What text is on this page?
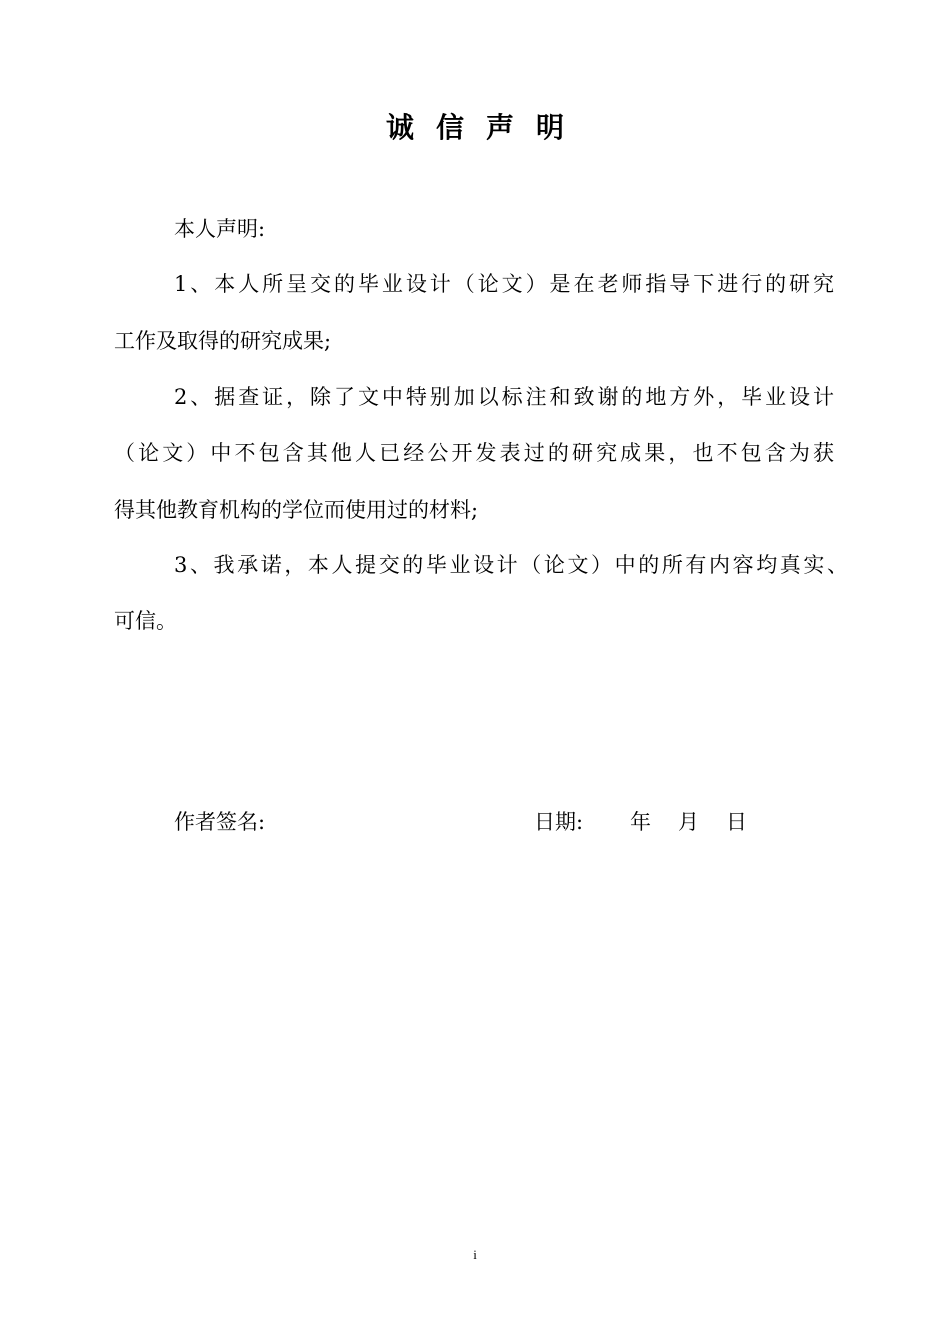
诚信声明
本人声明:
1、本人所呈交的毕业设计（论文）是在老师指导下进行的研究
工作及取得的研究成果;
2、据查证，除了文中特别加以标注和致谢的地方外，毕业设计
（论文）中不包含其他人已经公开发表过的研究成果，也不包含为获
得其他教育机构的学位而使用过的材料;
3、我承诺，本人提交的毕业设计（论文）中的所有内容均真实、
可信。
作者签名:	日期: 年 月 日
i
